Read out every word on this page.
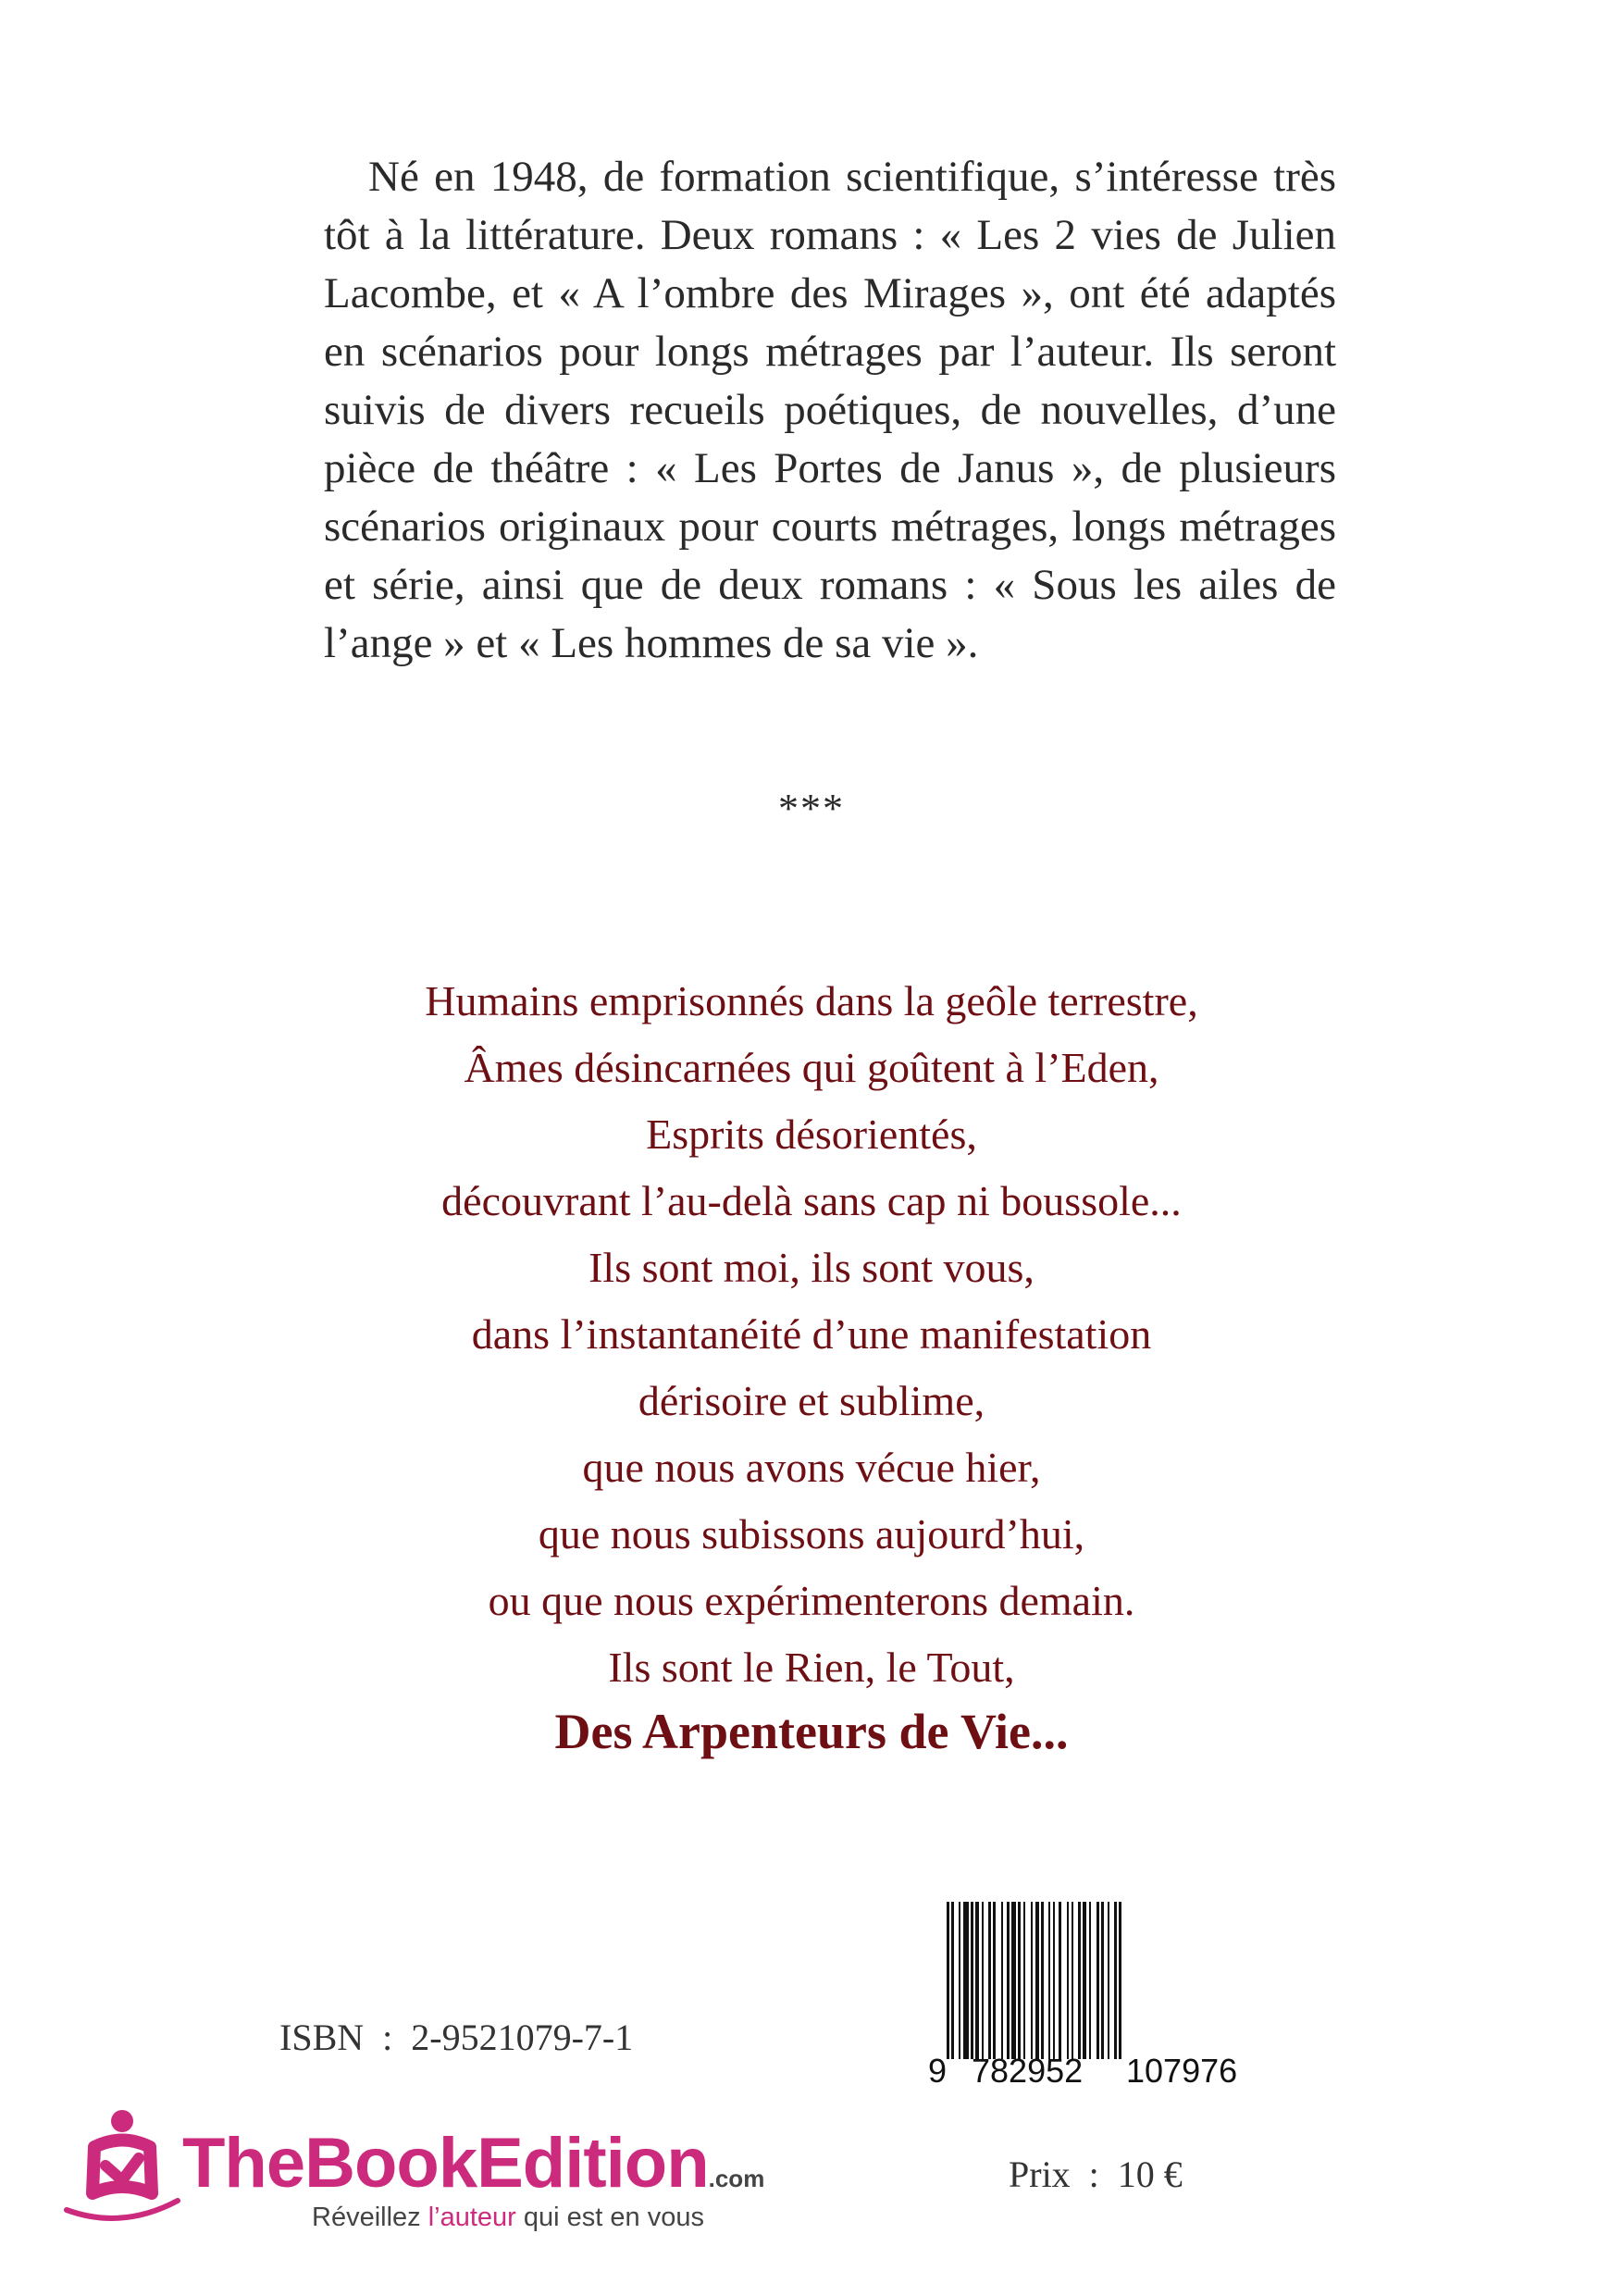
Né en 1948, de formation scientifique, s’intéresse très tôt à la littérature. Deux romans : « Les 2 vies de Julien Lacombe, et « A l’ombre des Mirages », ont été adaptés en scénarios pour longs métrages par l’auteur. Ils seront suivis de divers recueils poétiques, de nouvelles, d’une pièce de théâtre : « Les Portes de Janus », de plusieurs scénarios originaux pour courts métrages, longs métrages et série, ainsi que de deux romans : « Sous les ailes de l’ange » et « Les hommes de sa vie ».

***
Humains emprisonnés dans la geôle terrestre,
Âmes désincarnées qui goûtent à l’Eden,
Esprits désorientés,
découvrant l’au-delà sans cap ni boussole...
Ils sont moi, ils sont vous,
dans l’instantanéité d’une manifestation
dérisoire et sublime,
que nous avons vécue hier,
que nous subissons aujourd’hui,
ou que nous expérimenterons demain.
Ils sont le Rien, le Tout,
Des Arpenteurs de Vie...
ISBN  :  2-9521079-7-1
9 782952 107976
Prix  :  10 €
TheBookEdition.com
Réveillez l’auteur qui est en vous
